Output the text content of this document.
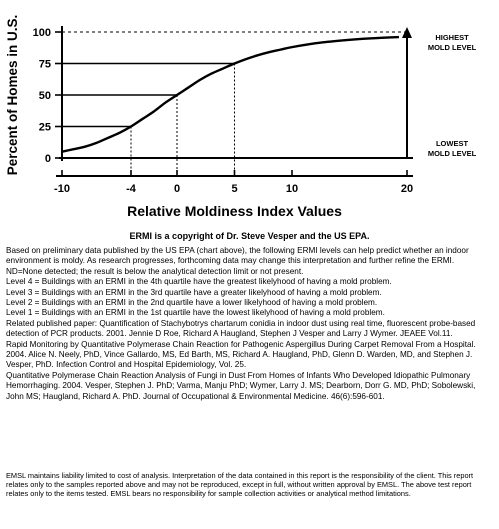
0
25
50
75
100
-10	-4	0	5	10	20
Percent of Homes in U.S.
Relative Moldiness Index Values
HIGHEST
MOLD LEVEL
LOWEST
MOLD LEVEL
ERMI is a copyright of Dr. Steve Vesper and the US EPA.

Based on preliminary data published by the US EPA (chart above), the following ERMI levels can help predict whether an indoor environment is moldy. As research progresses, forthcoming data may change this interpretation and further refine the ERMI.

ND=None detected; the result is below the analytical detection limit or not present.

Level 4 = Buildings with an ERMI in the 4th quartile have the greatest likelyhood of having a mold problem.

Level 3 = Buildings with an ERMI in the 3rd quartile have a greater likelyhood of having a mold problem.

Level 2 = Buildings with an ERMI in the 2nd quartile have a lower likelyhood of having a mold problem.

Level 1 = Buildings with an ERMI in the 1st quartile have the lowest likelyhood of having a mold problem.

Related published paper: Quantification of Stachybotrys chartarum conidia in indoor dust using real time, fluorescent probe-based detection of PCR products. 2001. Jennie D Roe, Richard A Haugland, Stephen J Vesper and Larry J Wymer. JEAEE Vol.11.

Rapid Monitoring by Quantitative Polymerase Chain Reaction for Pathogenic Aspergillus During Carpet Removal From a Hospital. 2004. Alice N. Neely, PhD, Vince Gallardo, MS, Ed Barth, MS, Richard A. Haugland, PhD, Glenn D. Warden, MD, and Stephen J. Vesper, PhD. Infection Control and Hospital Epidemiology, Vol. 25.

Quantitative Polymerase Chain Reaction Analysis of Fungi in Dust From Homes of Infants Who Developed Idiopathic Pulmonary Hemorrhaging. 2004. Vesper, Stephen J. PhD; Varma, Manju PhD; Wymer, Larry J. MS; Dearborn, Dorr G. MD, PhD; Sobolewski, John MS; Haugland, Richard A. PhD. Journal of Occupational & Environmental Medicine. 46(6):596-601.

EMSL maintains liability limited to cost of analysis. Interpretation of the data contained in this report is the responsibility of the client. This report relates only to the samples reported above and may not be reproduced, except in full, without written approval by EMSL. The above test report relates only to the items tested. EMSL bears no responsibility for sample collection activities or analytical method limitations.
